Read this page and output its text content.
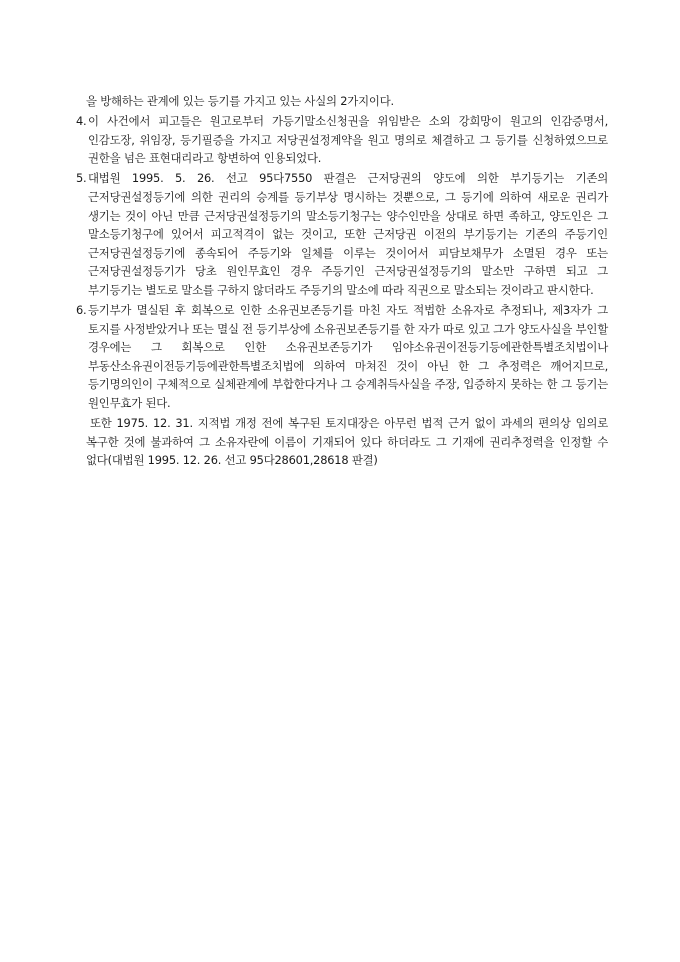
을 방해하는 관계에 있는 등기를 가지고 있는 사실의 2가지이다.

4. 이 사건에서 피고들은 원고로부터 가등기말소신청권을 위임받은 소외 강희망이 원고의 인감증명서, 인감도장, 위임장, 등기필증을 가지고 저당권설정계약을 원고 명의로 체결하고 그 등기를 신청하였으므로 권한을 넘은 표현대리라고 항변하여 인용되었다.
5. 대법원 1995. 5. 26. 선고 95다7550 판결은 근저당권의 양도에 의한 부기등기는 기존의 근저당권설정등기에 의한 권리의 승계를 등기부상 명시하는 것뿐으로, 그 등기에 의하여 새로운 권리가 생기는 것이 아닌 만큼 근저당권설정등기의 말소등기청구는 양수인만을 상대로 하면 족하고, 양도인은 그 말소등기청구에 있어서 피고적격이 없는 것이고, 또한 근저당권 이전의 부기등기는 기존의 주등기인 근저당권설정등기에 종속되어 주등기와 일체를 이루는 것이어서 피담보채무가 소멸된 경우 또는 근저당권설정등기가 당초 원인무효인 경우 주등기인 근저당권설정등기의 말소만 구하면 되고 그 부기등기는 별도로 말소를 구하지 않더라도 주등기의 말소에 따라 직권으로 말소되는 것이라고 판시한다.
6. 등기부가 멸실된 후 회복으로 인한 소유권보존등기를 마친 자도 적법한 소유자로 추정되나, 제3자가 그 토지를 사정받았거나 또는 멸실 전 등기부상에 소유권보존등기를 한 자가 따로 있고 그가 양도사실을 부인할 경우에는 그 회복으로 인한 소유권보존등기가 임야소유권이전등기등에관한특별조치법이나 부동산소유권이전등기등에관한특별조치법에 의하여 마쳐진 것이 아닌 한 그 추정력은 깨어지므로, 등기명의인이 구체적으로 실체관계에 부합한다거나 그 승계취득사실을 주장, 입증하지 못하는 한 그 등기는 원인무효가 된다.

또한 1975. 12. 31. 지적법 개정 전에 복구된 토지대장은 아무런 법적 근거 없이 과세의 편의상 임의로 복구한 것에 불과하여 그 소유자란에 이름이 기재되어 있다 하더라도 그 기재에 권리추정력을 인정할 수 없다(대법원 1995. 12. 26. 선고 95다28601,28618 판결)
